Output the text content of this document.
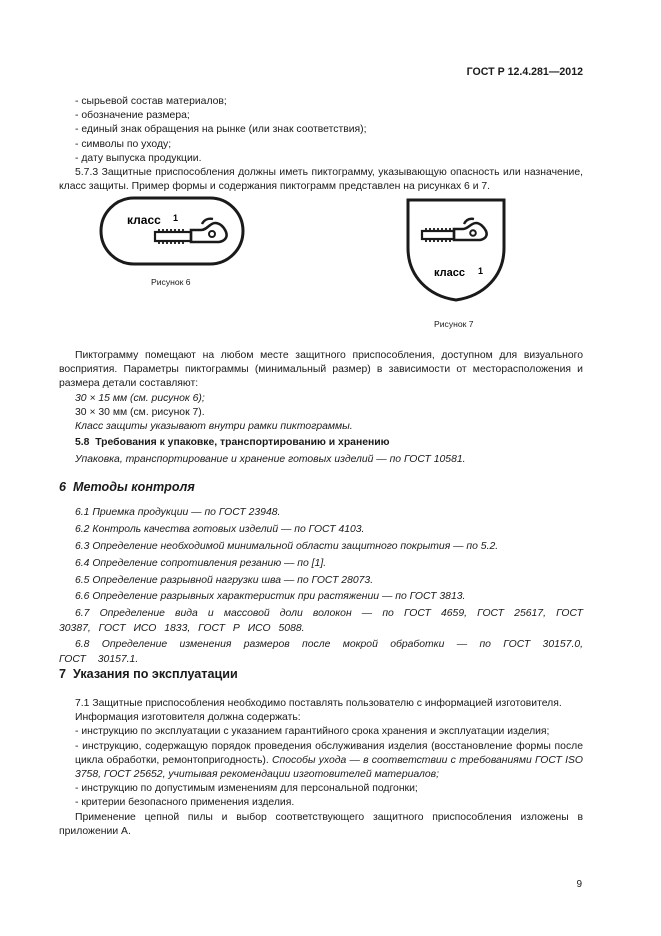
ГОСТ Р 12.4.281—2012

- сырьевой состав материалов;

- обозначение размера;

- единый знак обращения на рынке (или знак соответствия);

- символы по уходу;

- дату выпуска продукции.

5.7.3 Защитные приспособления должны иметь пиктограмму, указывающую опасность или назначение, класс защиты. Пример формы и содержания пиктограмм представлен на рисунках 6 и 7.

класс 1
Рисунок 6
класс 1
Рисунок 7

Пиктограмму помещают на любом месте защитного приспособления, доступном для визуального восприятия. Параметры пиктограммы (минимальный размер) в зависимости от месторасположения и размера детали составляют:

30 × 15 мм (см. рисунок 6);

30 × 30 мм (см. рисунок 7).

Класс защиты указывают внутри рамки пиктограммы.

5.8 Требования к упаковке, транспортированию и хранению

Упаковка, транспортирование и хранение готовых изделий — по ГОСТ 10581.

6 Методы контроля

6.1 Приемка продукции — по ГОСТ 23948.

6.2 Контроль качества готовых изделий — по ГОСТ 4103.

6.3 Определение необходимой минимальной области защитного покрытия — по 5.2.

6.4 Определение сопротивления резанию — по [1].

6.5 Определение разрывной нагрузки шва — по ГОСТ 28073.

6.6 Определение разрывных характеристик при растяжении — по ГОСТ 3813.

6.7 Определение вида и массовой доли волокон — по ГОСТ 4659, ГОСТ 25617, ГОСТ 30387, ГОСТ ИСО 1833, ГОСТ Р ИСО 5088.

6.8 Определение изменения размеров после мокрой обработки — по ГОСТ 30157.0, ГОСТ 30157.1.

7 Указания по эксплуатации

7.1 Защитные приспособления необходимо поставлять пользователю с информацией изготовителя.

Информация изготовителя должна содержать:

- инструкцию по эксплуатации с указанием гарантийного срока хранения и эксплуатации изделия;

- инструкцию, содержащую порядок проведения обслуживания изделия (восстановление формы после цикла обработки, ремонтопригодность). Способы ухода — в соответствии с требованиями ГОСТ ISO 3758, ГОСТ 25652, учитывая рекомендации изготовителей материалов;

- инструкцию по допустимым изменениям для персональной подгонки;

- критерии безопасного применения изделия.

Применение цепной пилы и выбор соответствующего защитного приспособления изложены в приложении А.

9
